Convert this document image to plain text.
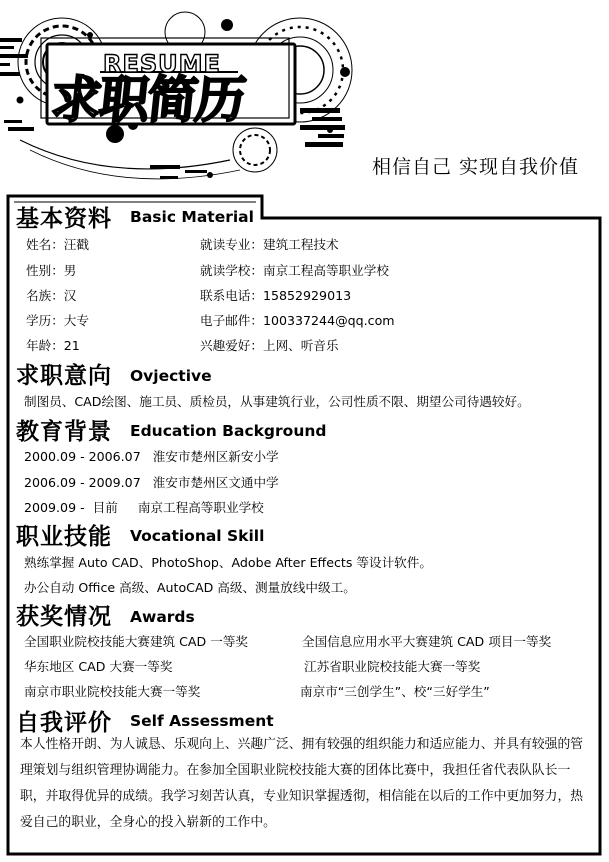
RESUME
求职简历
相信自己 实现自我价值
基本资料 Basic Material
姓名：汪戳
性别：男
名族：汉
学历：大专
年龄：21
就读专业：建筑工程技术
就读学校：南京工程高等职业学校
联系电话：15852929013
电子邮件：100337244@qq.com
兴趣爱好：上网、听音乐
求职意向 Ovjective
制图员、CAD绘图、施工员、质检员，从事建筑行业，公司性质不限、期望公司待遇较好。
教育背景 Education Background
2000.09 - 2006.07   淮安市楚州区新安小学
2006.09 - 2009.07   淮安市楚州区文通中学
2009.09 -  目前     南京工程高等职业学校
职业技能 Vocational Skill
熟练掌握 Auto CAD、PhotoShop、Adobe After Effects 等设计软件。
办公自动 Office 高级、AutoCAD 高级、测量放线中级工。
获奖情况 Awards
全国职业院校技能大赛建筑 CAD 一等奖
华东地区 CAD 大赛一等奖
南京市职业院校技能大赛一等奖
全国信息应用水平大赛建筑 CAD 项目一等奖
江苏省职业院校技能大赛一等奖
南京市“三创学生”、校“三好学生”
自我评价 Self Assessment
本人性格开朗、为人诚恳、乐观向上、兴趣广泛、拥有较强的组织能力和适应能力、并具有较强的管理策划与组织管理协调能力。在参加全国职业院校技能大赛的团体比赛中，我担任省代表队队长一职，并取得优异的成绩。我学习刻苦认真，专业知识掌握透彻，相信能在以后的工作中更加努力，热爱自己的职业，全身心的投入崭新的工作中。
